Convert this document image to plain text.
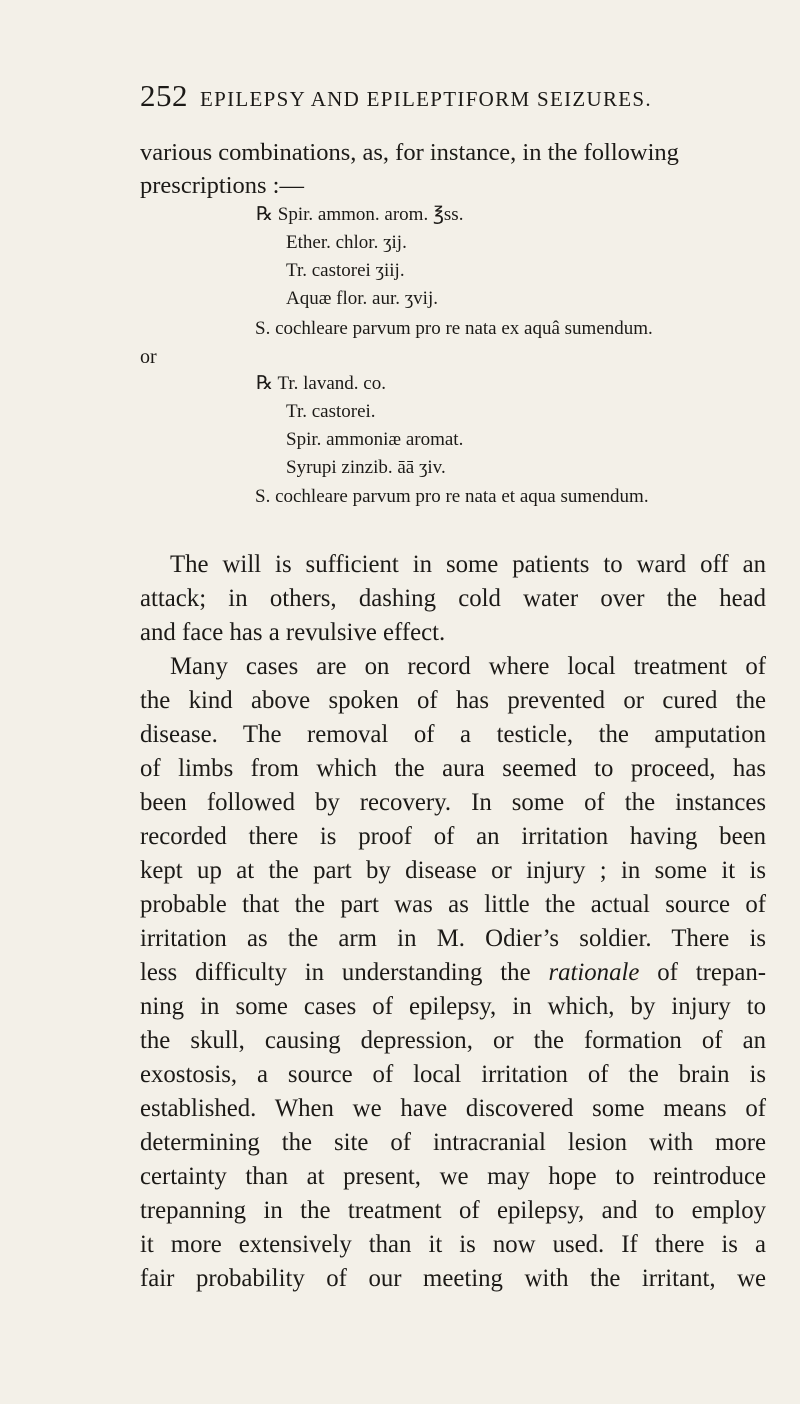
252 EPILEPSY AND EPILEPTIFORM SEIZURES.
various combinations, as, for instance, in the following
prescriptions :—
℞ Spir. ammon. arom. ℥ss.
Ether. chlor. ʒij.
Tr. castorei ʒiij.
Aquæ flor. aur. ʒvij.
S. cochleare parvum pro re nata ex aquâ sumendum.
or
℞ Tr. lavand. co.
Tr. castorei.
Spir. ammoniæ aromat.
Syrupi zinzib. āā ʒiv.
S. cochleare parvum pro re nata et aqua sumendum.
The will is sufficient in some patients to ward off an
attack; in others, dashing cold water over the head
and face has a revulsive effect.
Many cases are on record where local treatment of
the kind above spoken of has prevented or cured the
disease. The removal of a testicle, the amputation
of limbs from which the aura seemed to proceed, has
been followed by recovery. In some of the instances
recorded there is proof of an irritation having been
kept up at the part by disease or injury ; in some it is
probable that the part was as little the actual source of
irritation as the arm in M. Odier’s soldier. There is
less difficulty in understanding the rationale of trepan-
ning in some cases of epilepsy, in which, by injury to
the skull, causing depression, or the formation of an
exostosis, a source of local irritation of the brain is
established. When we have discovered some means of
determining the site of intracranial lesion with more
certainty than at present, we may hope to reintroduce
trepanning in the treatment of epilepsy, and to employ
it more extensively than it is now used. If there is a
fair probability of our meeting with the irritant, we
